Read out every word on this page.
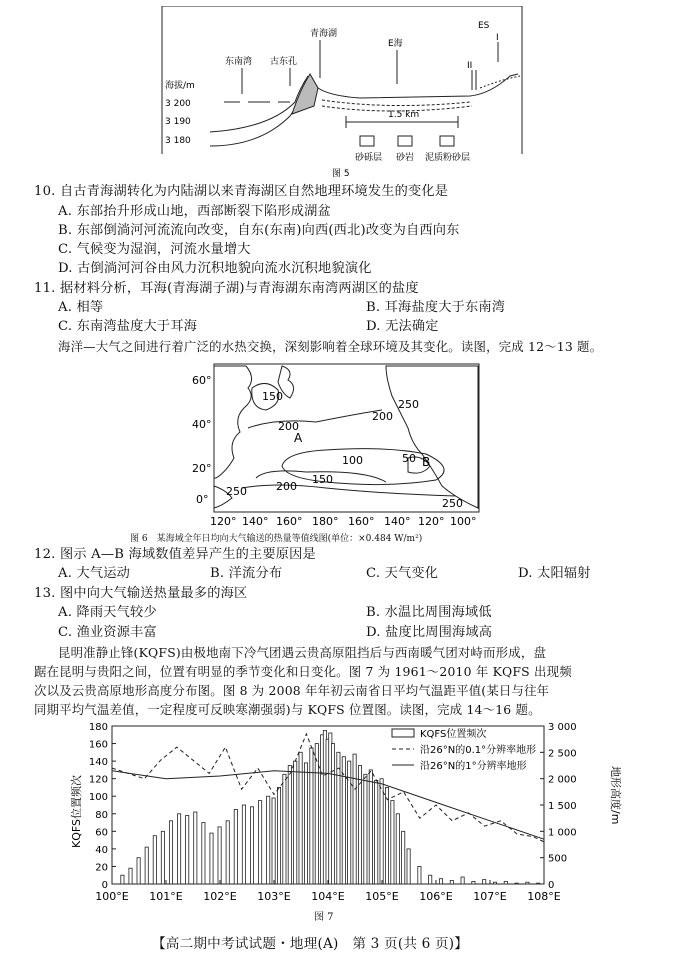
青海湖
东南湾 古东孔
E海
ES
海拔/m
3 200
3 190
3 180
II
I
1.5 km
砂砾层 砂岩 泥质粉砂层
图 5
10. 自古青海湖转化为内陆湖以来青海湖区自然地理环境发生的变化是
A. 东部抬升形成山地，西部断裂下陷形成湖盆
B. 东部倒淌河河流流向改变，自东(东南)向西(西北)改变为自西向东
C. 气候变为湿润，河流水量增大
D. 古倒淌河河谷由风力沉积地貌向流水沉积地貌演化
11. 据材料分析，耳海(青海湖子湖)与青海湖东南湾两湖区的盐度
A. 相等	B. 耳海盐度大于东南湾
C. 东南湾盐度大于耳海	D. 无法确定
海洋—大气之间进行着广泛的水热交换，深刻影响着全球环境及其变化。读图，完成 12～13 题。
60°
40°
20°
0°
120° 140° 160° 180° 160° 140° 120° 100°
150
200
200
250
100	50 B
A
150
200
250
250
图 6　某海域全年日均向大气输送的热量等值线图(单位：×0.484 W/m²)
12. 图示 A—B 海域数值差异产生的主要原因是
A. 大气运动	B. 洋流分布	C. 天气变化	D. 太阳辐射
13. 图中向大气输送热量最多的海区
A. 降雨天气较少	B. 水温比周围海域低
C. 渔业资源丰富	D. 盐度比周围海域高
昆明准静止锋(KQFS)由极地南下冷气团遇云贵高原阻挡后与西南暖气团对峙而形成，盘
踞在昆明与贵阳之间，位置有明显的季节变化和日变化。图 7 为 1961～2010 年 KQFS 出现频
次以及云贵高原地形高度分布图。图 8 为 2008 年年初云南省日平均气温距平值(某日与往年
同期平均气温差值，一定程度可反映寒潮强弱)与 KQFS 位置图。读图，完成 14～16 题。
0
20
40
60
80
100
120
140
160
180
0
500
1 000
1 500
2 000
2 500
3 000
100°E 101°E 102°E 103°E 104°E 105°E 106°E 107°E 108°E
KQFS位置频次	地形高度/m
KQFS位置频次
沿26°N的0.1°分辨率地形
沿26°N的1°分辨率地形
图 7
【高二期中考试试题・地理(A)　第 3 页(共 6 页)】
